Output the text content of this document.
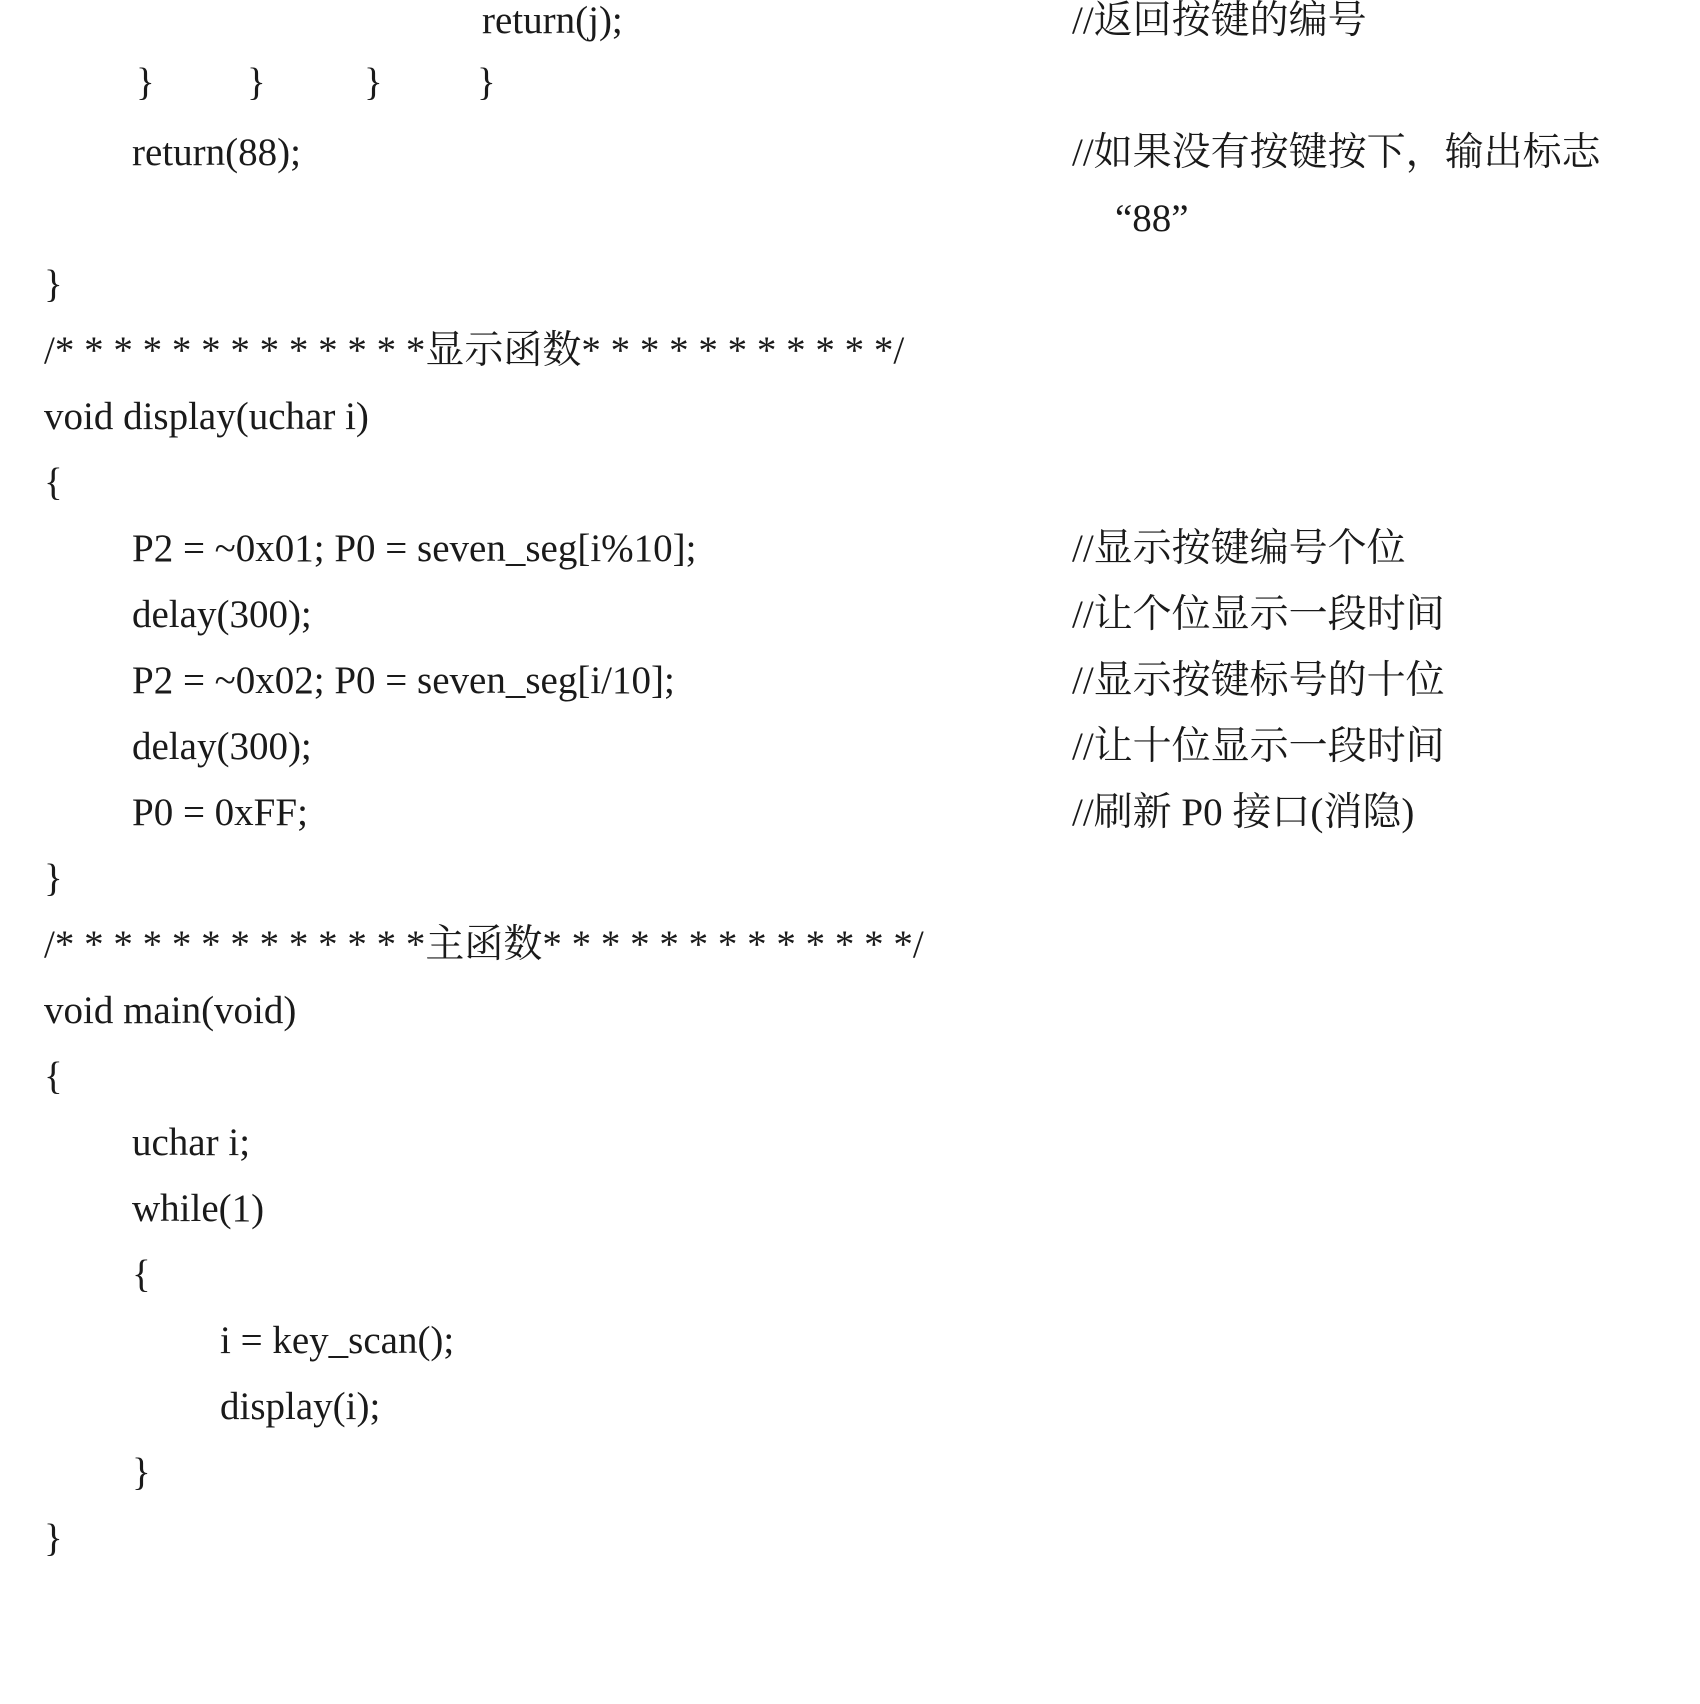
return(j);

	//返回按键的编号

}

}

	}

}

return(88);

	//如果没有按键按下，输出标志

“88”

}

/* * * * * * * * * * * * *显示函数* * * * * * * * * * */

void display(uchar i)

{

P2 = ~0x01; P0 = seven_seg[i%10];

	//显示按键编号个位

delay(300);

	//让个位显示一段时间

P2 = ~0x02; P0 = seven_seg[i/10];

	//显示按键标号的十位

delay(300);

	//让十位显示一段时间

P0 = 0xFF;

	//刷新 P0 接口(消隐)

}

/* * * * * * * * * * * * *主函数* * * * * * * * * * * * */

void main(void)

{

uchar i;

while(1)

{

i = key_scan();

display(i);

}

}
